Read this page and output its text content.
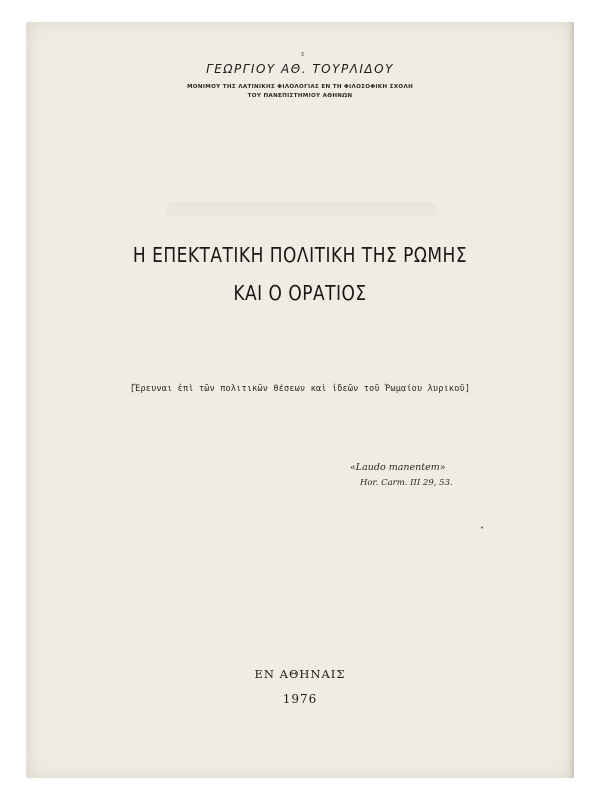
ε

ΓΕΩΡΓΙΟΥ ΑΘ. ΤΟΥΡΛΙΔΟΥ

ΜΟΝΙΜΟΥ ΤΗΣ ΛΑΤΙΝΙΚΗΣ ΦΙΛΟΛΟΓΙΑΣ ΕΝ ΤΗ ΦΙΛΟΣΟΦΙΚΗ ΣΧΟΛΗ

ΤΟΥ ΠΑΝΕΠΙΣΤΗΜΙΟΥ ΑΘΗΝΩΝ

Η ΕΠΕΚΤΑΤΙΚΗ ΠΟΛΙΤΙΚΗ ΤΗΣ ΡΩΜΗΣ

ΚΑΙ Ο ΟΡΑΤΙΟΣ

[Ἔρευναι ἐπὶ τῶν πολιτικῶν θέσεων καὶ ἰδεῶν τοῦ Ῥωμαίου λυρικοῦ]

«Laudo manentem»

Hor. Carm. III 29, 53.

•

ΕΝ ΑΘΗΝΑΙΣ

1976
